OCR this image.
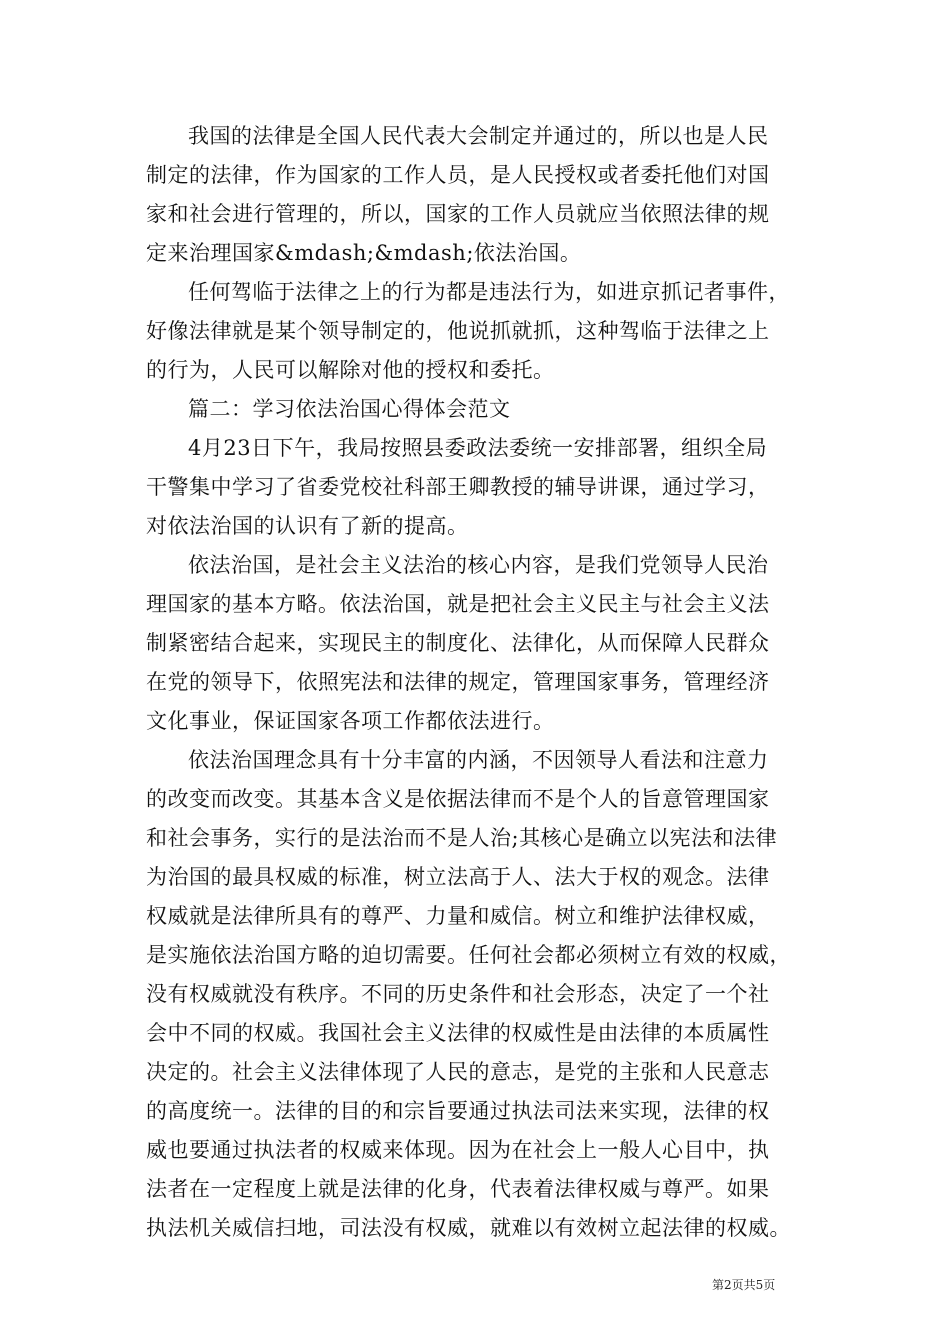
我国的法律是全国人民代表大会制定并通过的，所以也是人民
制定的法律，作为国家的工作人员，是人民授权或者委托他们对国
家和社会进行管理的，所以，国家的工作人员就应当依照法律的规
定来治理国家&mdash;&mdash;依法治国。

任何驾临于法律之上的行为都是违法行为，如进京抓记者事件，
好像法律就是某个领导制定的，他说抓就抓，这种驾临于法律之上
的行为，人民可以解除对他的授权和委托。

篇二：学习依法治国心得体会范文

4月23日下午，我局按照县委政法委统一安排部署，组织全局
干警集中学习了省委党校社科部王卿教授的辅导讲课，通过学习，
对依法治国的认识有了新的提高。

依法治国，是社会主义法治的核心内容，是我们党领导人民治
理国家的基本方略。依法治国，就是把社会主义民主与社会主义法
制紧密结合起来，实现民主的制度化、法律化，从而保障人民群众
在党的领导下，依照宪法和法律的规定，管理国家事务，管理经济
文化事业，保证国家各项工作都依法进行。

依法治国理念具有十分丰富的内涵，不因领导人看法和注意力
的改变而改变。其基本含义是依据法律而不是个人的旨意管理国家
和社会事务，实行的是法治而不是人治;其核心是确立以宪法和法律
为治国的最具权威的标准，树立法高于人、法大于权的观念。法律
权威就是法律所具有的尊严、力量和威信。树立和维护法律权威，
是实施依法治国方略的迫切需要。任何社会都必须树立有效的权威，
没有权威就没有秩序。不同的历史条件和社会形态，决定了一个社
会中不同的权威。我国社会主义法律的权威性是由法律的本质属性
决定的。社会主义法律体现了人民的意志，是党的主张和人民意志
的高度统一。法律的目的和宗旨要通过执法司法来实现，法律的权
威也要通过执法者的权威来体现。因为在社会上一般人心目中，执
法者在一定程度上就是法律的化身，代表着法律权威与尊严。如果
执法机关威信扫地，司法没有权威，就难以有效树立起法律的权威。

第2页共5页
